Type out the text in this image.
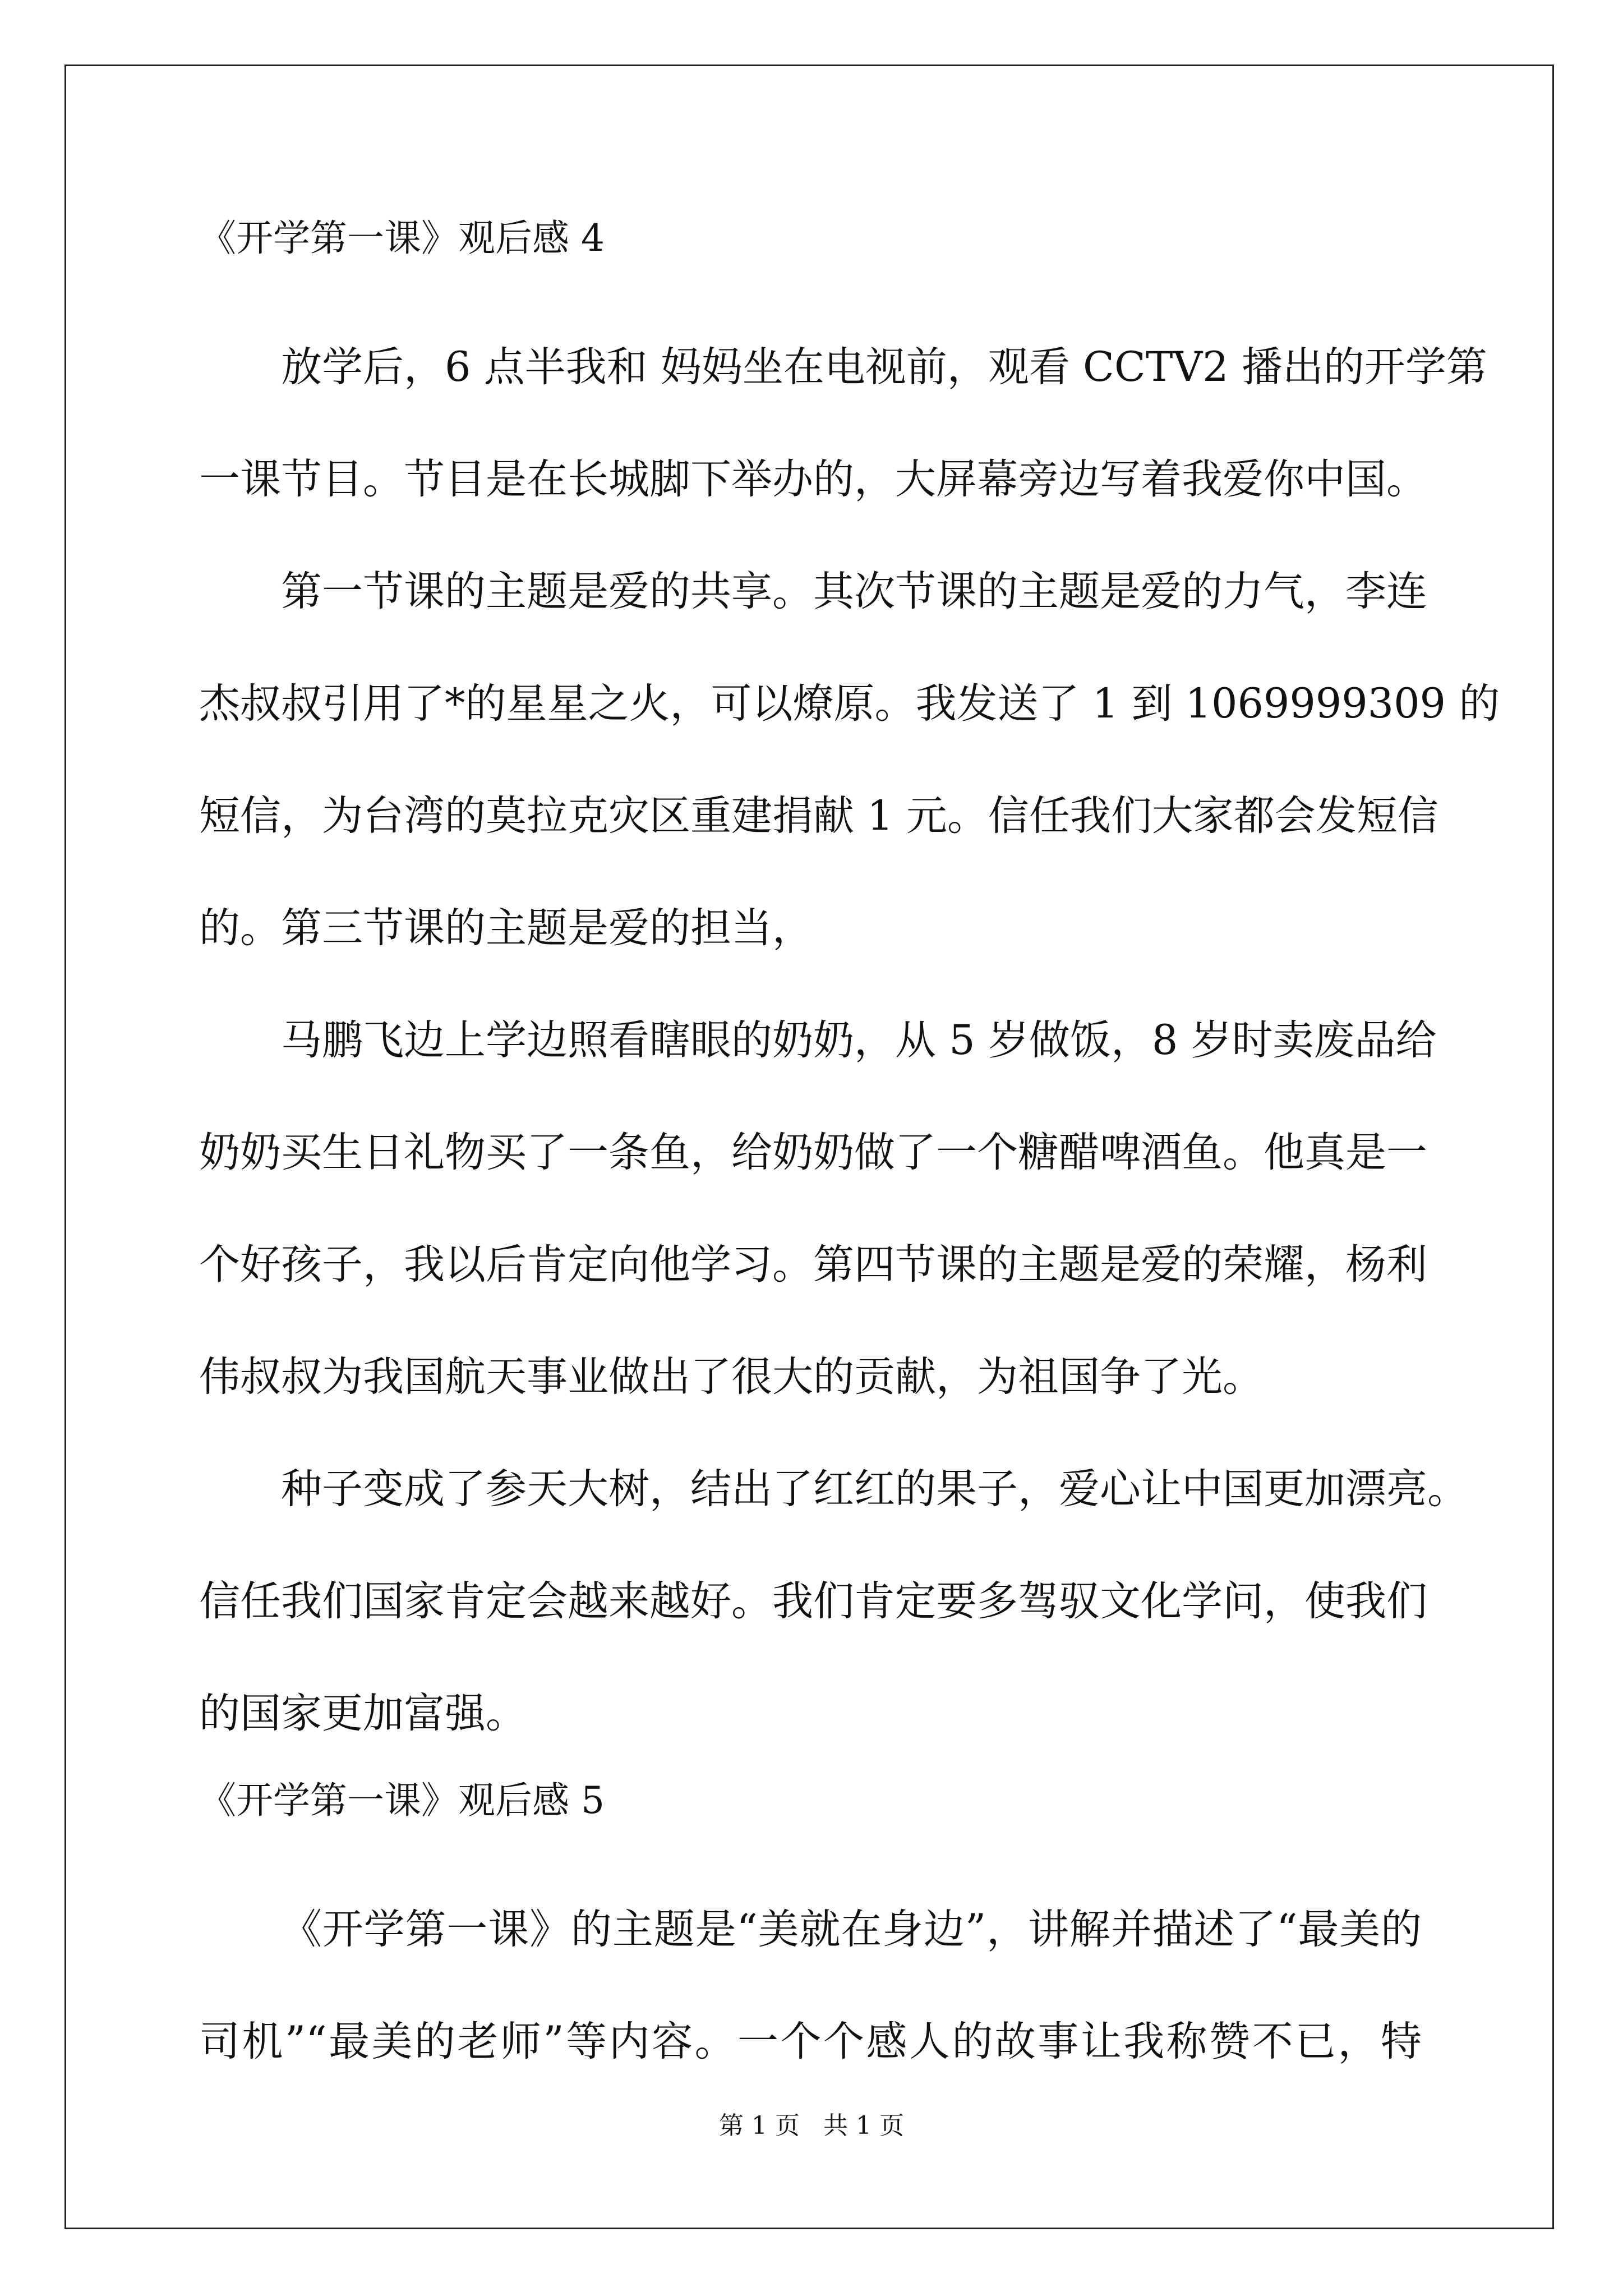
《开学第一课》观后感 4
放学后，6 点半我和 妈妈坐在电视前，观看 CCTV2 播出的开学第
一课节目。节目是在长城脚下举办的，大屏幕旁边写着我爱你中国。
第一节课的主题是爱的共享。其次节课的主题是爱的力气，李连
杰叔叔引用了*的星星之火，可以燎原。我发送了 1 到 1069999309 的
短信，为台湾的莫拉克灾区重建捐献 1 元。信任我们大家都会发短信
的。第三节课的主题是爱的担当，
马鹏飞边上学边照看瞎眼的奶奶，从 5 岁做饭，8 岁时卖废品给
奶奶买生日礼物买了一条鱼，给奶奶做了一个糖醋啤酒鱼。他真是一
个好孩子，我以后肯定向他学习。第四节课的主题是爱的荣耀，杨利
伟叔叔为我国航天事业做出了很大的贡献，为祖国争了光。
种子变成了参天大树，结出了红红的果子，爱心让中国更加漂亮。
信任我们国家肯定会越来越好。我们肯定要多驾驭文化学问，使我们
的国家更加富强。
《开学第一课》观后感 5
《开学第一课》的主题是“美就在身边”，讲解并描述了“最美的
司机”“最美的老师”等内容。一个个感人的故事让我称赞不已，特
第 1 页   共 1 页
